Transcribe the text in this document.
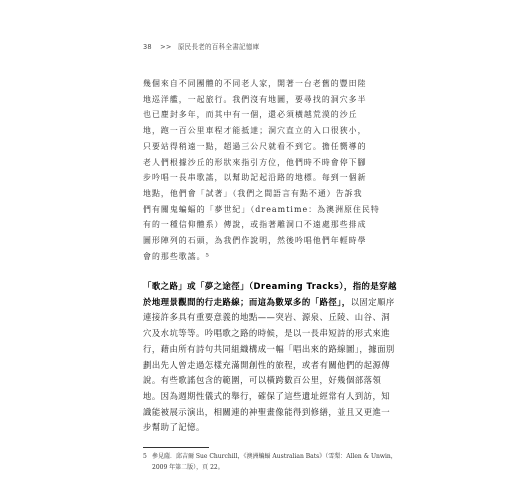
38 >> 原民長老的百科全書記憶庫
幾個來自不同團體的不同老人家，開著一台老舊的豐田陸
地巡洋艦，一起旅行。我們沒有地圖，要尋找的洞穴多半
也已塵封多年，而其中有一個，還必須橫越荒漠的沙丘
地，跑一百公里車程才能抵達；洞穴直立的入口很狹小，
只要站得稍遠一點，超過三公尺就看不到它。擔任嚮導的
老人們根據沙丘的形狀來指引方位，他們時不時會停下腳
步吟唱一長串歌謠，以幫助記起沿路的地標。每到一個新
地點，他們會「試著」（我們之間語言有點不通）告訴我
們有關鬼蝙蝠的「夢世紀」（dreamtime：為澳洲原住民特
有的一種信仰體系）傳說，或指著雕洞口不遠處那些排成
圖形陣列的石頭，為我們作說明，然後吟唱他們年輕時學
會的那些歌謠。⁵
「歌之路」或「夢之途徑」（Dreaming Tracks），指的是穿越
於地理景觀間的行走路線；而這為數眾多的「路徑」，以固定順序
連接許多具有重要意義的地點——突岩、源泉、丘陵、山谷、洞
穴及水坑等等。吟唱歌之路的時候，是以一長串短詩的形式來進
行，藉由所有詩句共同組織構成一幅「唱出來的路線圖」，據面別
劃出先人曾走過怎樣充滿開創性的旅程，或者有關他們的起源傳
說。有些歌謠包含的範圍，可以橫跨數百公里，好幾個部落領
地。因為週期性儀式的舉行，確保了這些遺址經常有人到訪，知
識能被展示演出，相關連的神聖畫像能得到修繕，並且又更進一
步幫助了記憶。
5 參見薩．邱吉爾 Sue Churchill，《澳洲蝙蝠 Australian Bats》（雪梨：Allen & Unwin，
2009 年第二版），頁 22。
